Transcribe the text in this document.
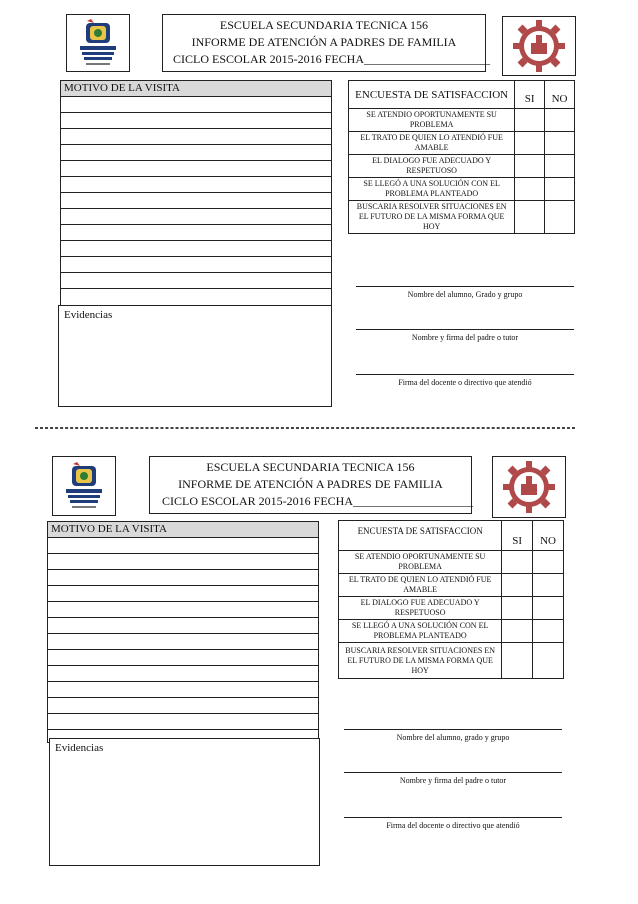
ESCUELA SECUNDARIA TECNICA 156
INFORME DE ATENCIÓN A PADRES DE FAMILIA
CICLO ESCOLAR 2015-2016 FECHA_____________________
MOTIVO DE LA VISITA
Evidencias
ENCUESTA DE SATISFACCION	SI	NO
SE ATENDIO OPORTUNAMENTE SU PROBLEMA		
EL TRATO DE QUIEN LO ATENDIÓ FUE AMABLE		
EL DIALOGO FUE ADECUADO Y RESPETUOSO		
SE LLEGÓ A UNA SOLUCIÓN CON EL PROBLEMA PLANTEADO		
BUSCARIA RESOLVER SITUACIONES EN EL FUTURO DE LA MISMA FORMA QUE HOY		
Nombre del alumno, Grado y grupo
Nombre y firma del padre o tutor
Firma del docente o directivo que atendió
ESCUELA SECUNDARIA TECNICA 156
INFORME DE ATENCIÓN A PADRES DE FAMILIA
CICLO ESCOLAR 2015-2016 FECHA____________________
MOTIVO DE LA VISITA
Evidencias
ENCUESTA DE SATISFACCION	SI	NO
SE ATENDIO OPORTUNAMENTE SU PROBLEMA		
EL TRATO DE QUIEN LO ATENDIÓ FUE AMABLE		
EL DIALOGO FUE ADECUADO Y RESPETUOSO		
SE LLEGÓ A UNA SOLUCIÓN CON EL PROBLEMA PLANTEADO		
BUSCARIA RESOLVER SITUACIONES EN EL FUTURO DE LA MISMA FORMA QUE HOY		
Nombre del alumno, grado y grupo
Nombre y firma del padre o tutor
Firma del docente o directivo que atendió
